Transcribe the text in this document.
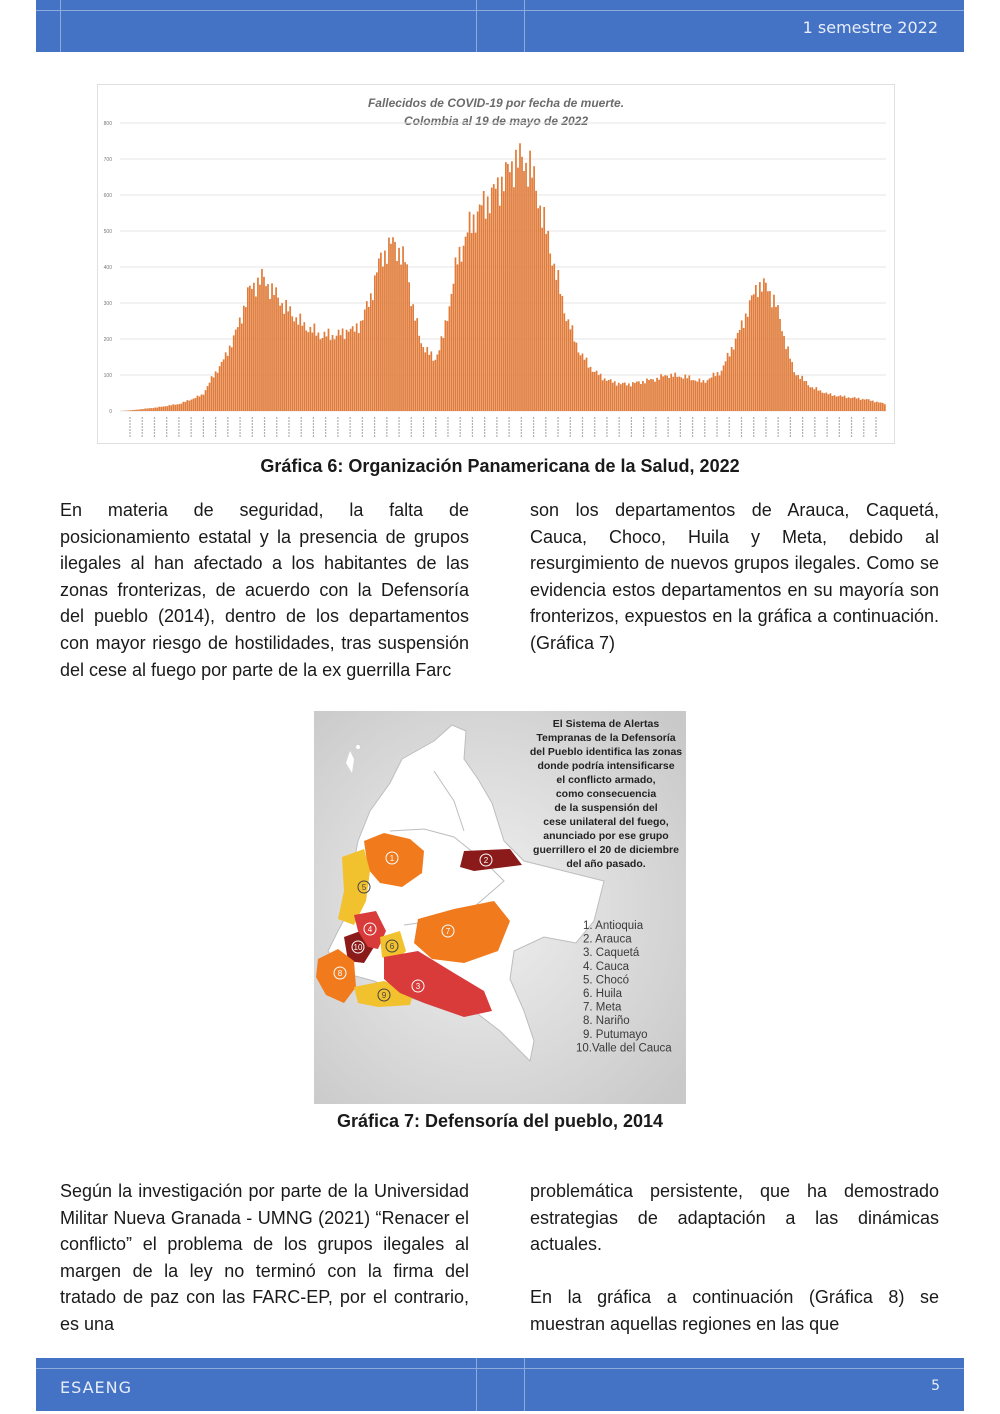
1 semestre 2022
Fallecidos de COVID-19 por fecha de muerte.
Colombia al 19 de mayo de 2022
0
100
200
300
400
500
600
700
800
Gráfica 6: Organización Panamericana de la Salud, 2022

En materia de seguridad, la falta de posicionamiento estatal y la presencia de grupos ilegales al han afectado a los habitantes de las zonas fronterizas, de acuerdo con la Defensoría del pueblo (2014), dentro de los departamentos con mayor riesgo de hostilidades, tras suspensión del cese al fuego por parte de la ex guerrilla Farc

son los departamentos de Arauca, Caquetá, Cauca, Choco, Huila y Meta, debido al resurgimiento de nuevos grupos ilegales. Como se evidencia estos departamentos en su mayoría son fronterizos, expuestos en la gráfica a continuación. (Gráfica 7)

1	2
3
4
5
6
7
8
9
10
El Sistema de Alertas
Tempranas de la Defensoría
del Pueblo identifica las zonas
donde podría intensificarse
el conflicto armado,
como consecuencia
de la suspensión del
cese unilateral del fuego,
anunciado por ese grupo
guerrillero el 20 de diciembre
del año pasado.
1. Antioquia
2. Arauca
3. Caquetá
4. Cauca
5. Chocó
6. Huila
7. Meta
8. Nariño
9. Putumayo
10.Valle del Cauca
Gráfica 7: Defensoría del pueblo, 2014

Según la investigación por parte de la Universidad Militar Nueva Granada - UMNG (2021) “Renacer el conflicto” el problema de los grupos ilegales al margen de la ley no terminó con la firma del tratado de paz con las FARC-EP, por el contrario, es una

problemática persistente, que ha demostrado estrategias de adaptación a las dinámicas actuales.

En la gráfica a continuación (Gráfica 8) se muestran aquellas regiones en las que

ESAENG	5
